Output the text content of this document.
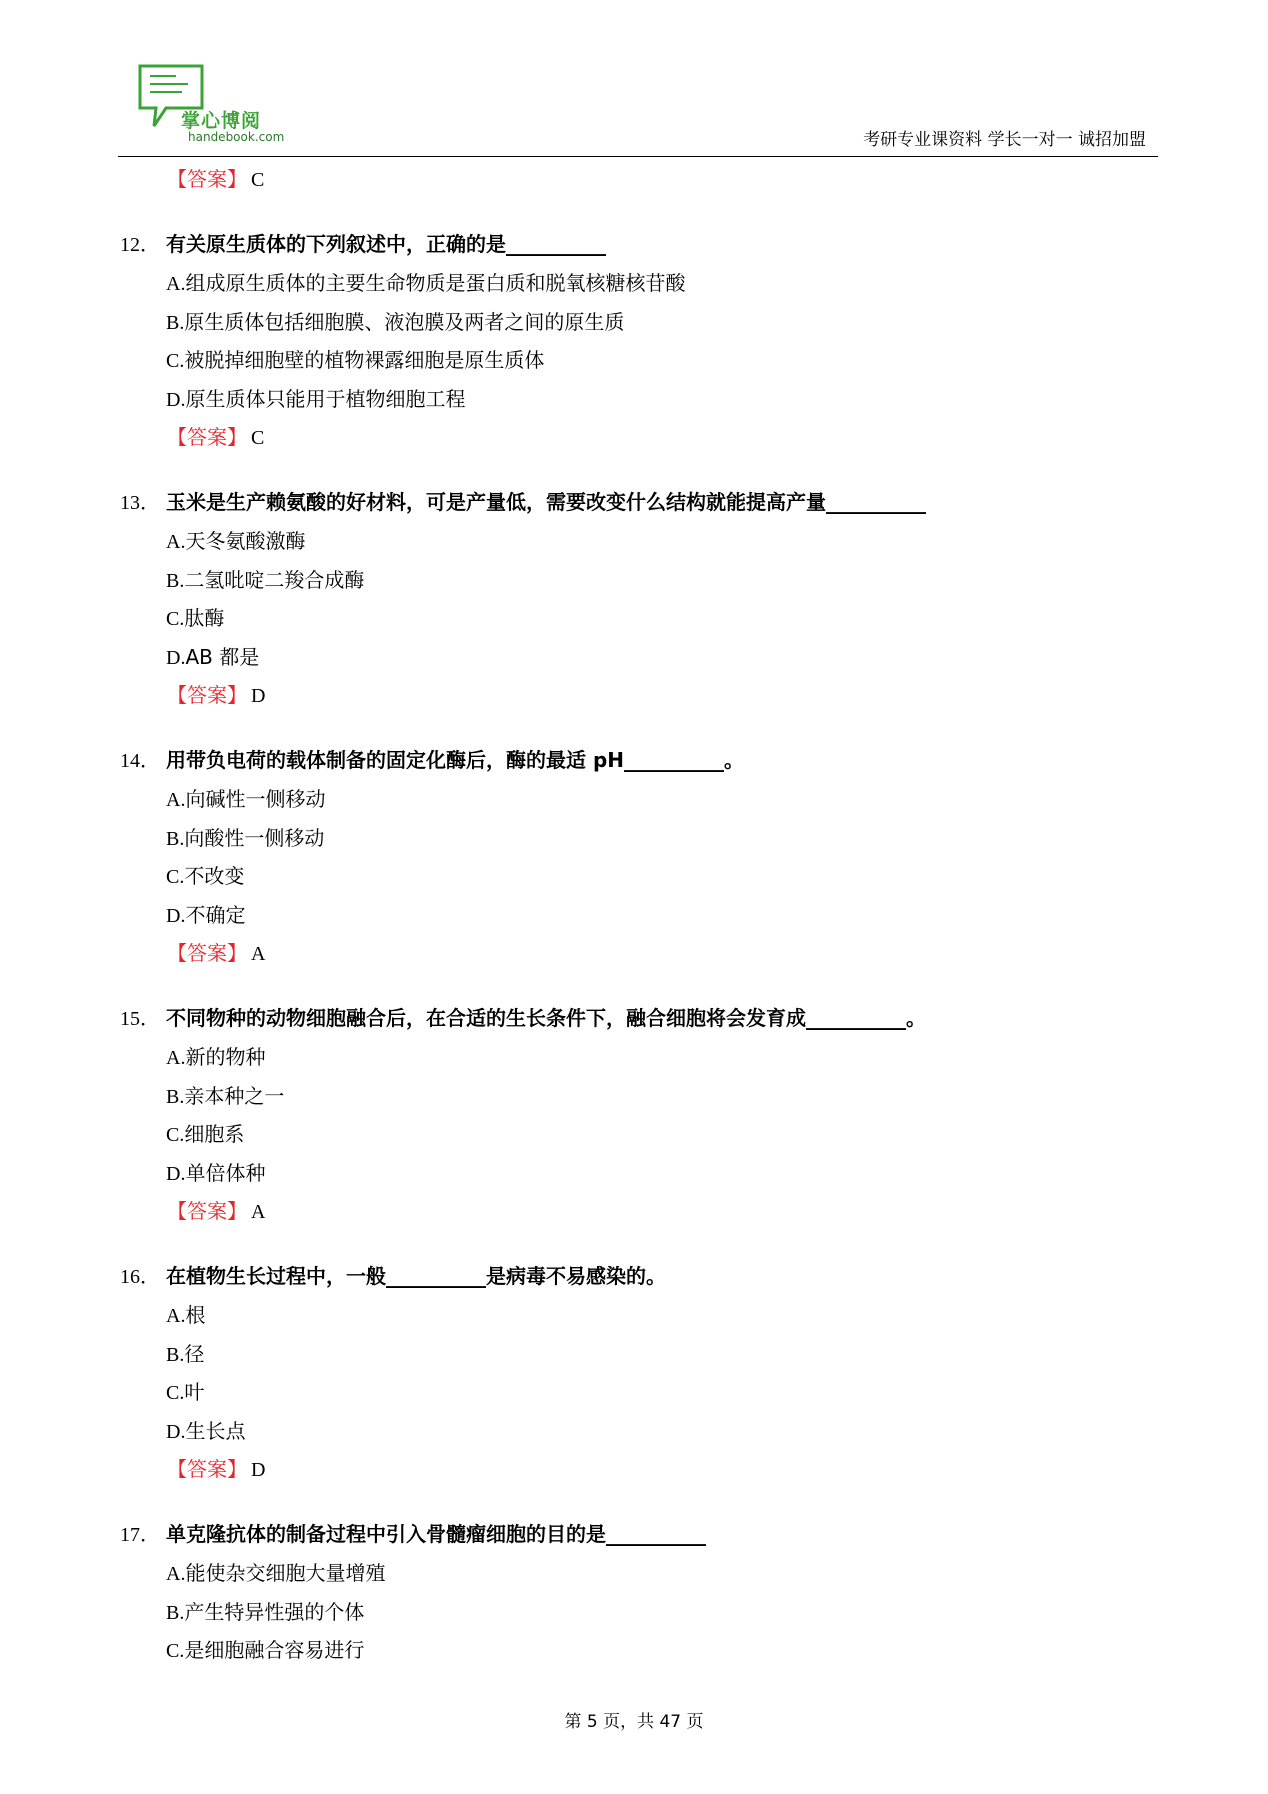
掌心博阅
handebook.com	考研专业课资料 学长一对一 诚招加盟
【答案】 C
12． 有关原生质体的下列叙述中，正确的是__________
A.组成原生质体的主要生命物质是蛋白质和脱氧核糖核苷酸
B.原生质体包括细胞膜、液泡膜及两者之间的原生质
C.被脱掉细胞壁的植物裸露细胞是原生质体
D.原生质体只能用于植物细胞工程
【答案】 C
13． 玉米是生产赖氨酸的好材料，可是产量低，需要改变什么结构就能提高产量__________
A.天冬氨酸激酶
B.二氢吡啶二羧合成酶
C.肽酶
D.AB 都是
【答案】 D
14． 用带负电荷的载体制备的固定化酶后，酶的最适 pH__________。
A.向碱性一侧移动
B.向酸性一侧移动
C.不改变
D.不确定
【答案】 A
15． 不同物种的动物细胞融合后，在合适的生长条件下，融合细胞将会发育成__________。
A.新的物种
B.亲本种之一
C.细胞系
D.单倍体种
【答案】 A
16． 在植物生长过程中，一般__________是病毒不易感染的。
A.根
B.径
C.叶
D.生长点
【答案】 D
17． 单克隆抗体的制备过程中引入骨髓瘤细胞的目的是__________
A.能使杂交细胞大量增殖
B.产生特异性强的个体
C.是细胞融合容易进行
第 5 页，共 47 页
